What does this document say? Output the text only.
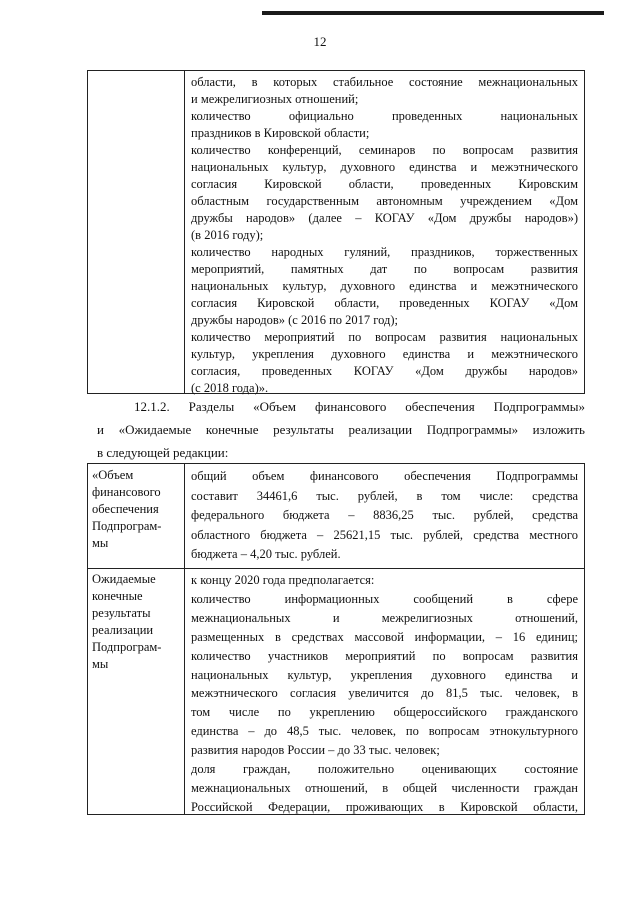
12
области, в которых стабильное состояние межнациональных
и межрелигиозных отношений;
количество официально проведенных национальных
праздников в Кировской области;
количество конференций, семинаров по вопросам развития
национальных культур, духовного единства и межэтнического
согласия Кировской области, проведенных Кировским
областным государственным автономным учреждением «Дом
дружбы народов» (далее – КОГАУ «Дом дружбы народов»)
(в 2016 году);
количество народных гуляний, праздников, торжественных
мероприятий, памятных дат по вопросам развития
национальных культур, духовного единства и межэтнического
согласия Кировской области, проведенных КОГАУ «Дом
дружбы народов» (с 2016 по 2017 год);
количество мероприятий по вопросам развития национальных
культур, укрепления духовного единства и межэтнического
согласия, проведенных КОГАУ «Дом дружбы народов»
(с 2018 года)».
12.1.2. Разделы «Объем финансового обеспечения Подпрограммы»
и «Ожидаемые конечные результаты реализации Подпрограммы» изложить
в следующей редакции:
«Объем
финансового
обеспечения
Подпрограм-
мы
общий объем финансового обеспечения Подпрограммы
составит 34461,6 тыс. рублей, в том числе: средства
федерального бюджета – 8836,25 тыс. рублей, средства
областного бюджета – 25621,15 тыс. рублей, средства местного
бюджета – 4,20 тыс. рублей.
Ожидаемые
конечные
результаты
реализации
Подпрограм-
мы
к концу 2020 года предполагается:
количество информационных сообщений в сфере
межнациональных и межрелигиозных отношений,
размещенных в средствах массовой информации, – 16 единиц;
количество участников мероприятий по вопросам развития
национальных культур, укрепления духовного единства и
межэтнического согласия увеличится до 81,5 тыс. человек, в
том числе по укреплению общероссийского гражданского
единства – до 48,5 тыс. человек, по вопросам этнокультурного
развития народов России – до 33 тыс. человек;
доля граждан, положительно оценивающих состояние
межнациональных отношений, в общей численности граждан
Российской Федерации, проживающих в Кировской области,
